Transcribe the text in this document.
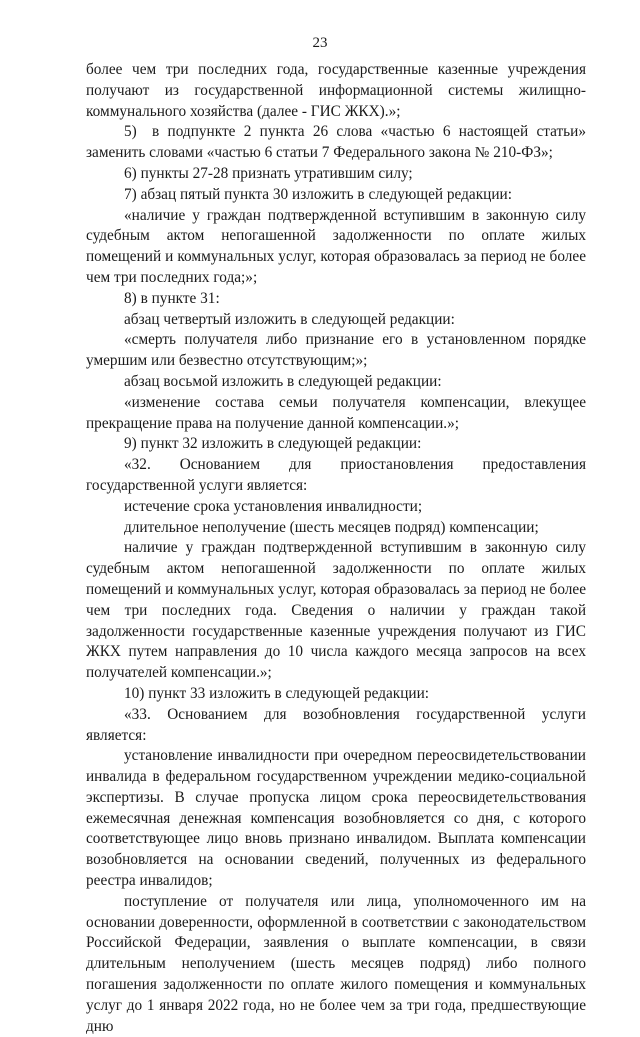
23

более чем три последних года, государственные казенные учреждения получают из государственной информационной системы жилищно-коммунального хозяйства (далее - ГИС ЖКХ).»;

5) в подпункте 2 пункта 26 слова «частью 6 настоящей статьи» заменить словами «частью 6 статьи 7 Федерального закона № 210-ФЗ»;

6) пункты 27-28 признать утратившим силу;

7) абзац пятый пункта 30 изложить в следующей редакции:

«наличие у граждан подтвержденной вступившим в законную силу судебным актом непогашенной задолженности по оплате жилых помещений и коммунальных услуг, которая образовалась за период не более чем три последних года;»;

8) в пункте 31:

абзац четвертый изложить в следующей редакции:

«смерть получателя либо признание его в установленном порядке умершим или безвестно отсутствующим;»;

абзац восьмой изложить в следующей редакции:

«изменение состава семьи получателя компенсации, влекущее прекращение права на получение данной компенсации.»;

9) пункт 32 изложить в следующей редакции:

«32. Основанием для приостановления предоставления государственной услуги является:

истечение срока установления инвалидности;

длительное неполучение (шесть месяцев подряд) компенсации;

наличие у граждан подтвержденной вступившим в законную силу судебным актом непогашенной задолженности по оплате жилых помещений и коммунальных услуг, которая образовалась за период не более чем три последних года. Сведения о наличии у граждан такой задолженности государственные казенные учреждения получают из ГИС ЖКХ путем направления до 10 числа каждого месяца запросов на всех получателей компенсации.»;

10) пункт 33 изложить в следующей редакции:

«33. Основанием для возобновления государственной услуги является:

установление инвалидности при очередном переосвидетельствовании инвалида в федеральном государственном учреждении медико-социальной экспертизы. В случае пропуска лицом срока переосвидетельствования ежемесячная денежная компенсация возобновляется со дня, с которого соответствующее лицо вновь признано инвалидом. Выплата компенсации возобновляется на основании сведений, полученных из федерального реестра инвалидов;

поступление от получателя или лица, уполномоченного им на основании доверенности, оформленной в соответствии с законодательством Российской Федерации, заявления о выплате компенсации, в связи длительным неполучением (шесть месяцев подряд) либо полного погашения задолженности по оплате жилого помещения и коммунальных услуг до 1 января 2022 года, но не более чем за три года, предшествующие дню
